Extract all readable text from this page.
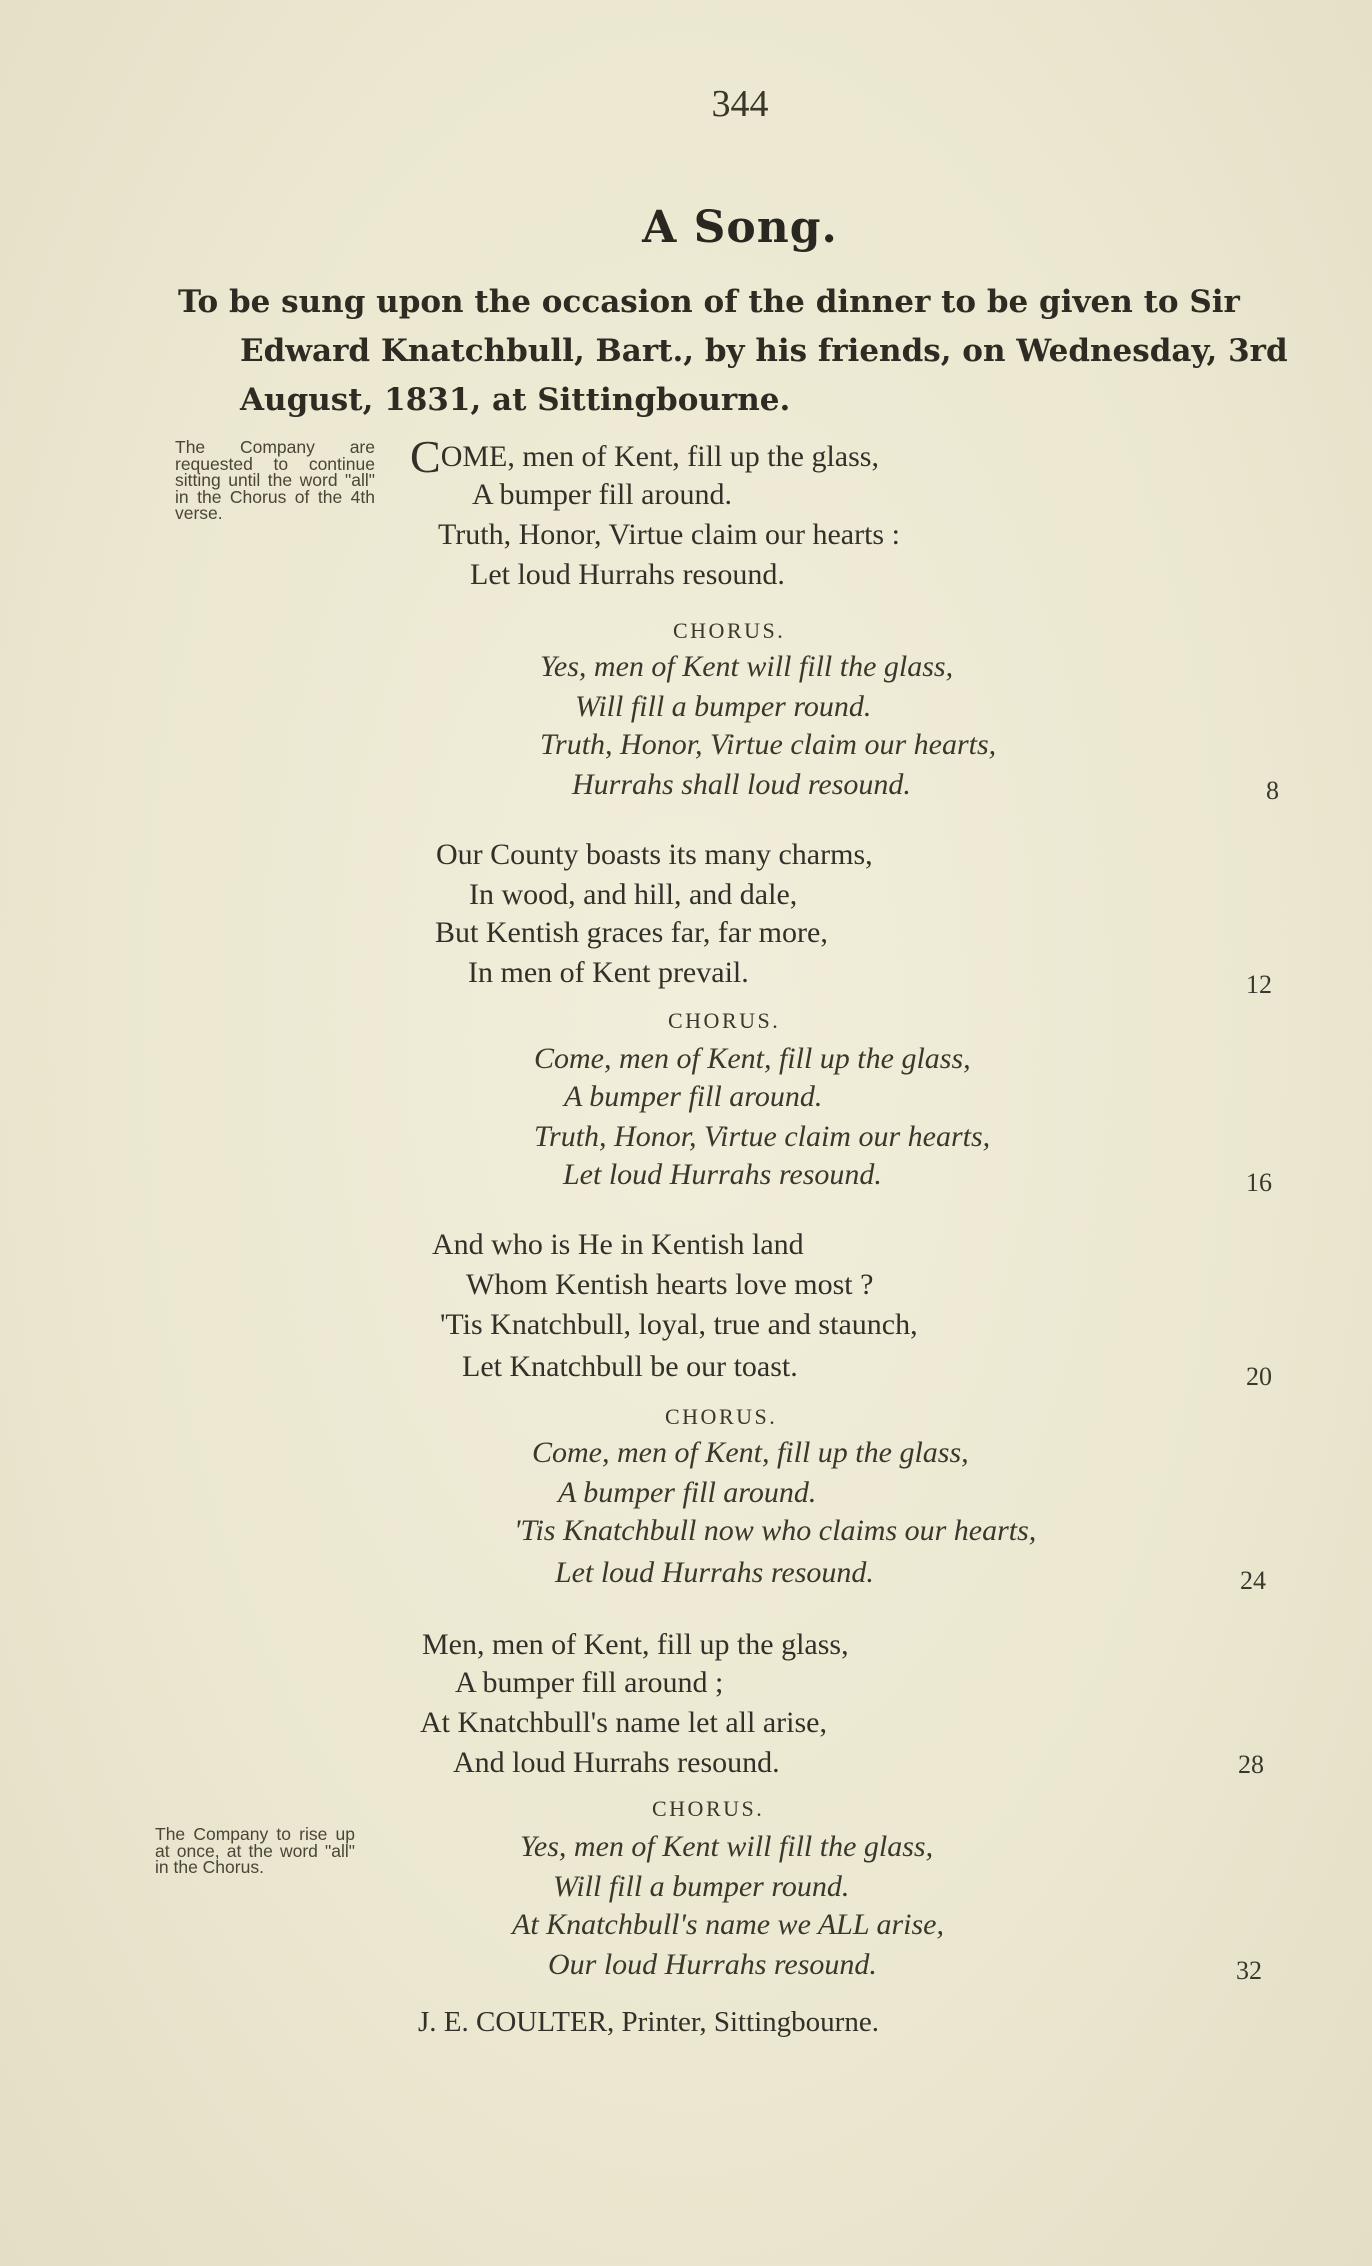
344
A Song.
To be sung upon the occasion of the dinner to be given to Sir Edward Knatchbull, Bart., by his friends, on Wednesday, 3rd August, 1831, at Sittingbourne.
The Company are requested to continue sitting until the word "all" in the Chorus of the 4th verse.
The Company to rise up at once, at the word "all" in the Chorus.
COME, men of Kent, fill up the glass,
A bumper fill around.
Truth, Honor, Virtue claim our hearts :
Let loud Hurrahs resound.
CHORUS.
Yes, men of Kent will fill the glass,
Will fill a bumper round.
Truth, Honor, Virtue claim our hearts,
Hurrahs shall loud resound.	8
Our County boasts its many charms,
In wood, and hill, and dale,
But Kentish graces far, far more,
In men of Kent prevail.	12
CHORUS.
Come, men of Kent, fill up the glass,
A bumper fill around.
Truth, Honor, Virtue claim our hearts,
Let loud Hurrahs resound.	16
And who is He in Kentish land
Whom Kentish hearts love most ?
'Tis Knatchbull, loyal, true and staunch,
Let Knatchbull be our toast.	20
CHORUS.
Come, men of Kent, fill up the glass,
A bumper fill around.
'Tis Knatchbull now who claims our hearts,
Let loud Hurrahs resound.	24
Men, men of Kent, fill up the glass,
A bumper fill around ;
At Knatchbull's name let all arise,
And loud Hurrahs resound.	28
CHORUS.
Yes, men of Kent will fill the glass,
Will fill a bumper round.
At Knatchbull's name we ALL arise,
Our loud Hurrahs resound.	32
J. E. COULTER, Printer, Sittingbourne.
